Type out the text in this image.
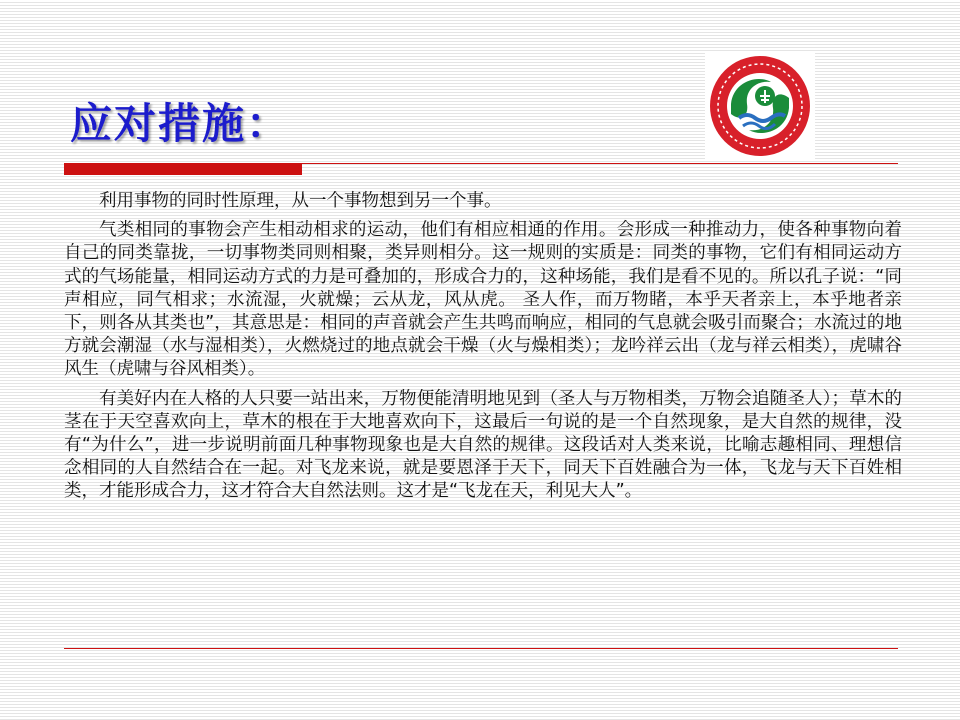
应对措施：

利用事物的同时性原理，从一个事物想到另一个事。

气类相同的事物会产生相动相求的运动，他们有相应相通的作用。会形成一种推动力，使各种事物向着自己的同类靠拢，一切事物类同则相聚，类异则相分。这一规则的实质是：同类的事物，它们有相同运动方式的气场能量，相同运动方式的力是可叠加的，形成合力的，这种场能，我们是看不见的。所以孔子说：“同声相应，同气相求；水流湿，火就燥；云从龙，风从虎。 圣人作，而万物睹，本乎天者亲上，本乎地者亲下，则各从其类也”，其意思是：相同的声音就会产生共鸣而响应，相同的气息就会吸引而聚合；水流过的地方就会潮湿（水与湿相类），火燃烧过的地点就会干燥（火与燥相类）；龙吟祥云出（龙与祥云相类），虎啸谷风生（虎啸与谷风相类）。

有美好内在人格的人只要一站出来，万物便能清明地见到（圣人与万物相类，万物会追随圣人）；草木的茎在于天空喜欢向上，草木的根在于大地喜欢向下，这最后一句说的是一个自然现象，是大自然的规律，没有“为什么”，进一步说明前面几种事物现象也是大自然的规律。这段话对人类来说，比喻志趣相同、理想信念相同的人自然结合在一起。对飞龙来说，就是要恩泽于天下，同天下百姓融合为一体，飞龙与天下百姓相类，才能形成合力，这才符合大自然法则。这才是“飞龙在天，利见大人”。
